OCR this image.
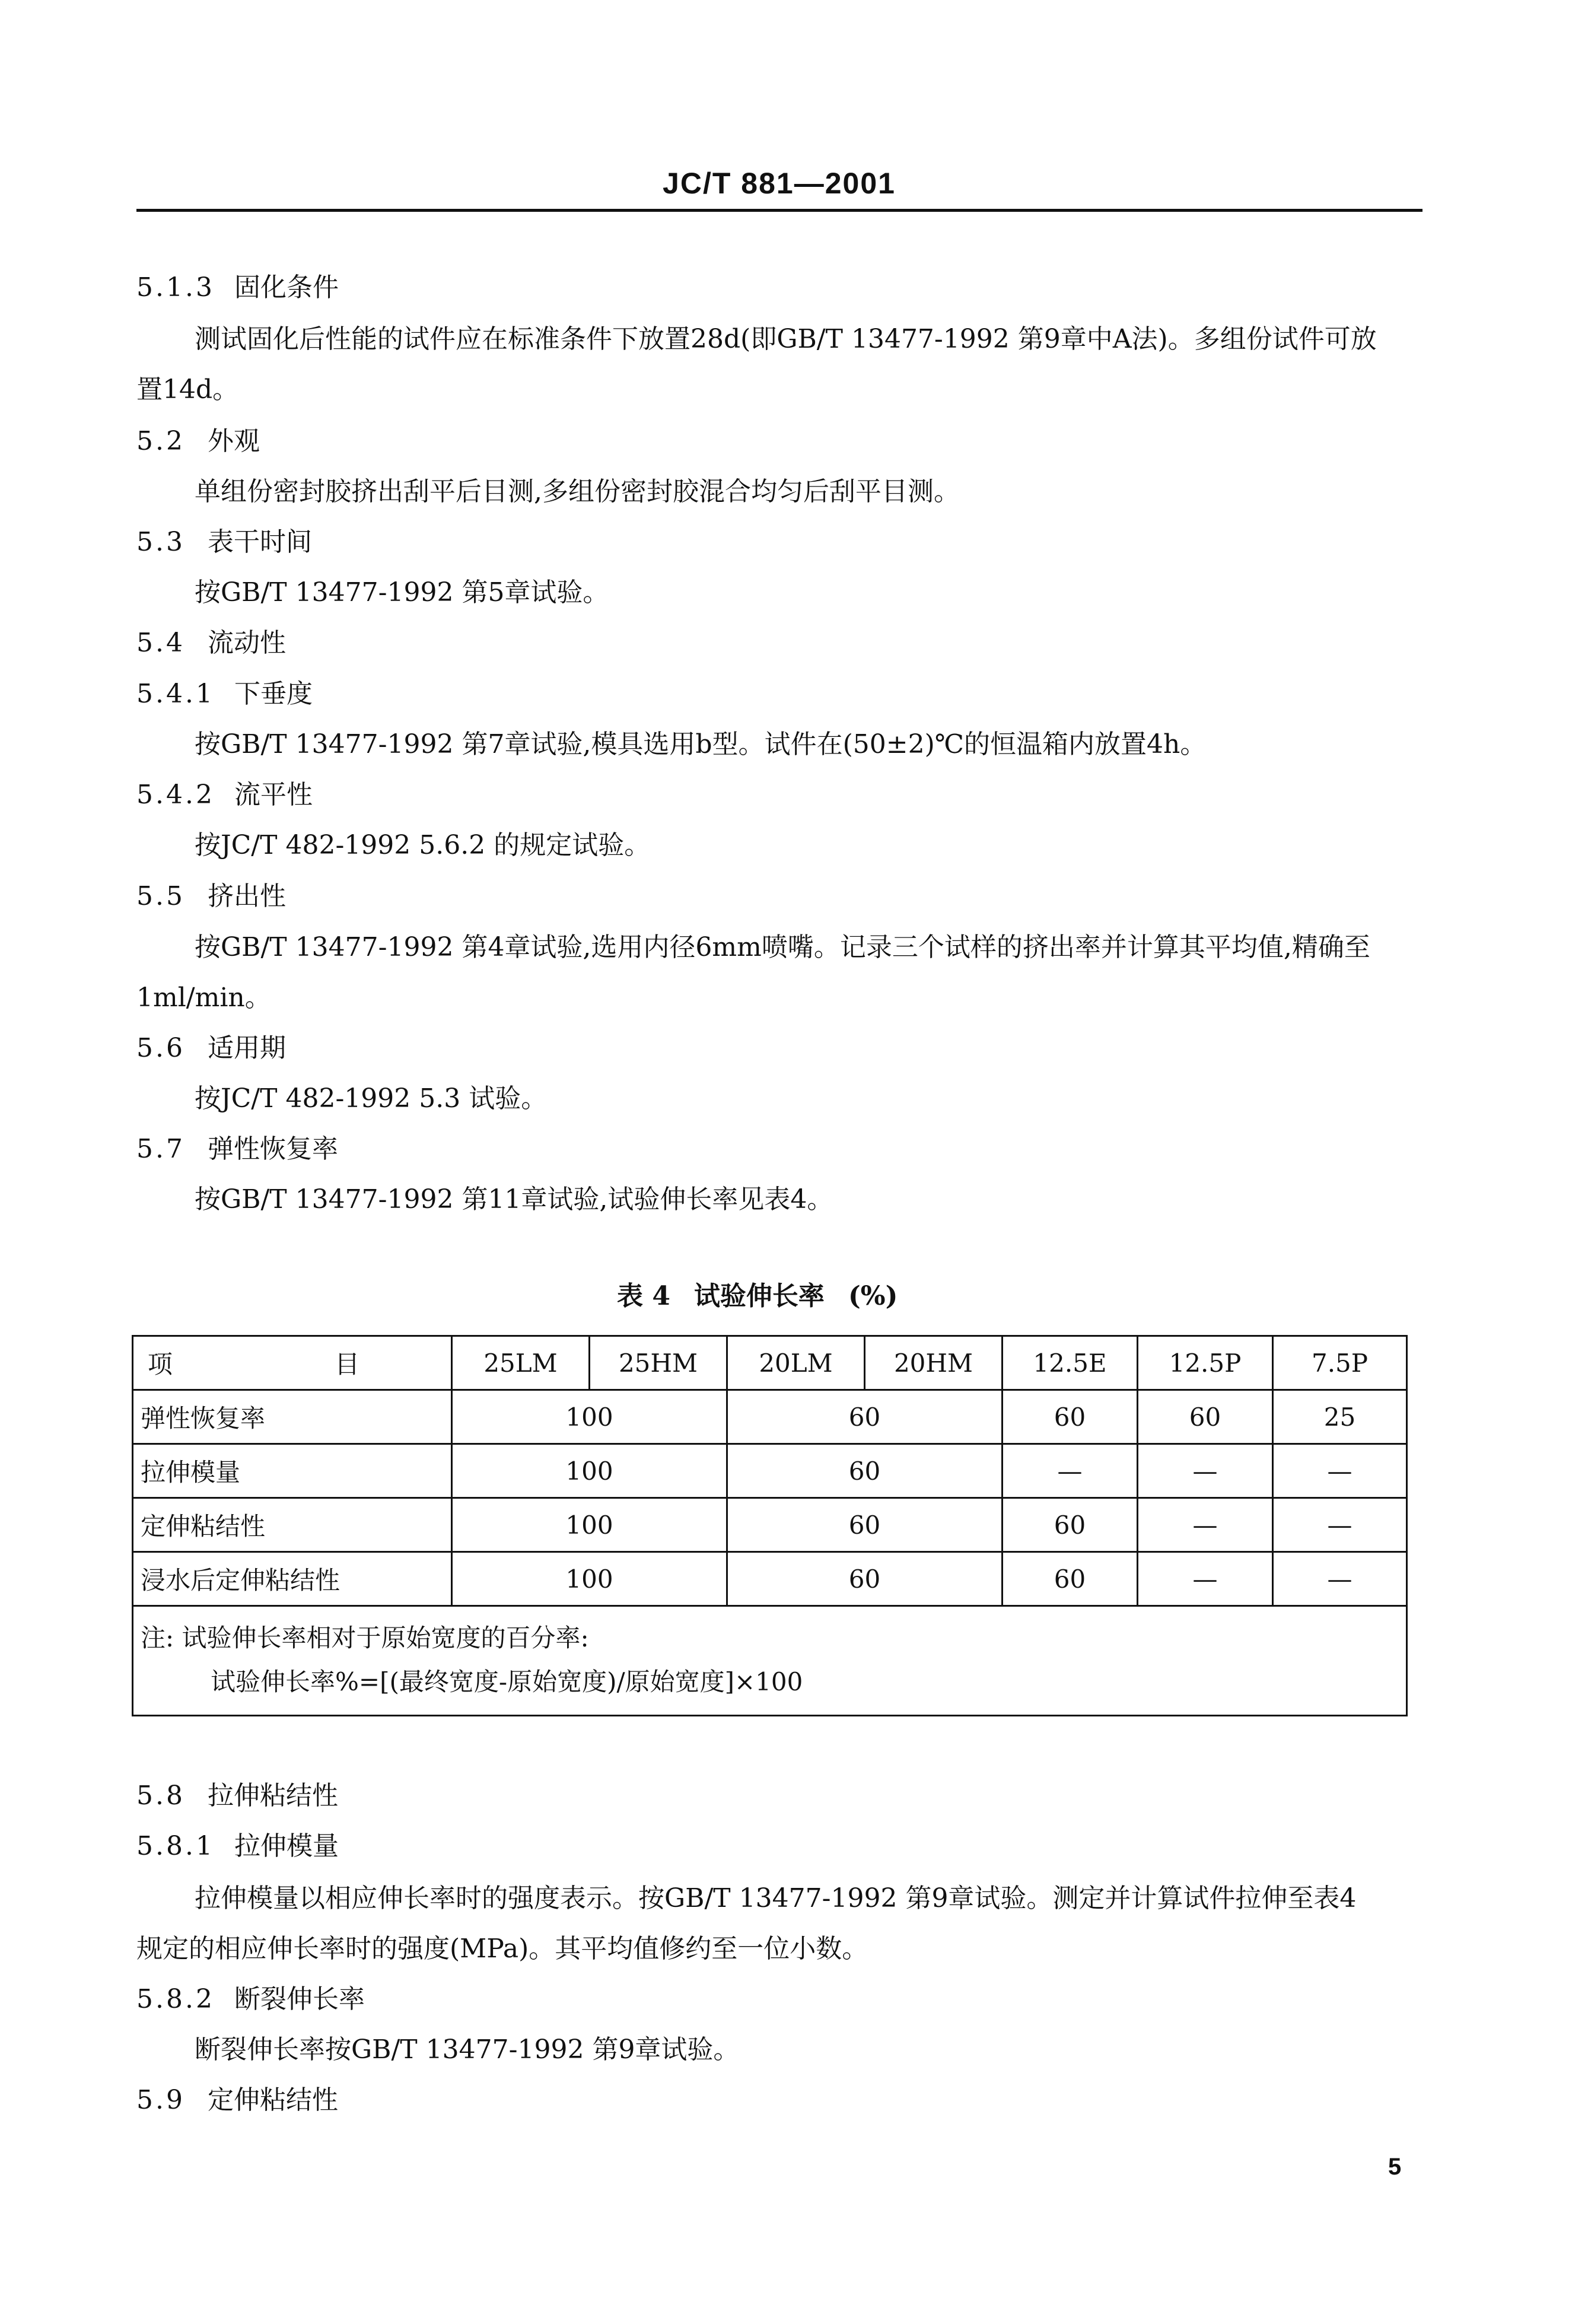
JC/T 881—2001
5.1.3 固化条件
测试固化后性能的试件应在标准条件下放置28d(即GB/T 13477-1992 第9章中A法)。多组份试件可放
置14d。
5.2 外观
单组份密封胶挤出刮平后目测,多组份密封胶混合均匀后刮平目测。
5.3 表干时间
按GB/T 13477-1992 第5章试验。
5.4 流动性
5.4.1 下垂度
按GB/T 13477-1992 第7章试验,模具选用b型。试件在(50±2)℃的恒温箱内放置4h。
5.4.2 流平性
按JC/T 482-1992 5.6.2 的规定试验。
5.5 挤出性
按GB/T 13477-1992 第4章试验,选用内径6mm喷嘴。记录三个试样的挤出率并计算其平均值,精确至
1ml/min。
5.6 适用期
按JC/T 482-1992 5.3 试验。
5.7 弹性恢复率
按GB/T 13477-1992 第11章试验,试验伸长率见表4。
表 4 试验伸长率 (%)
项 目	25LM	25HM	20LM	20HM	12.5E	12.5P	7.5P
弹性恢复率	100		60		60	60	25
拉伸模量	100		60		—	—	—
定伸粘结性	100		60		60	—	—
浸水后定伸粘结性	100		60		60	—	—

注: 试验伸长率相对于原始宽度的百分率:
试验伸长率%=[(最终宽度-原始宽度)/原始宽度]×100							
5.8 拉伸粘结性
5.8.1 拉伸模量
拉伸模量以相应伸长率时的强度表示。按GB/T 13477-1992 第9章试验。测定并计算试件拉伸至表4
规定的相应伸长率时的强度(MPa)。其平均值修约至一位小数。
5.8.2 断裂伸长率
断裂伸长率按GB/T 13477-1992 第9章试验。
5.9 定伸粘结性
5
